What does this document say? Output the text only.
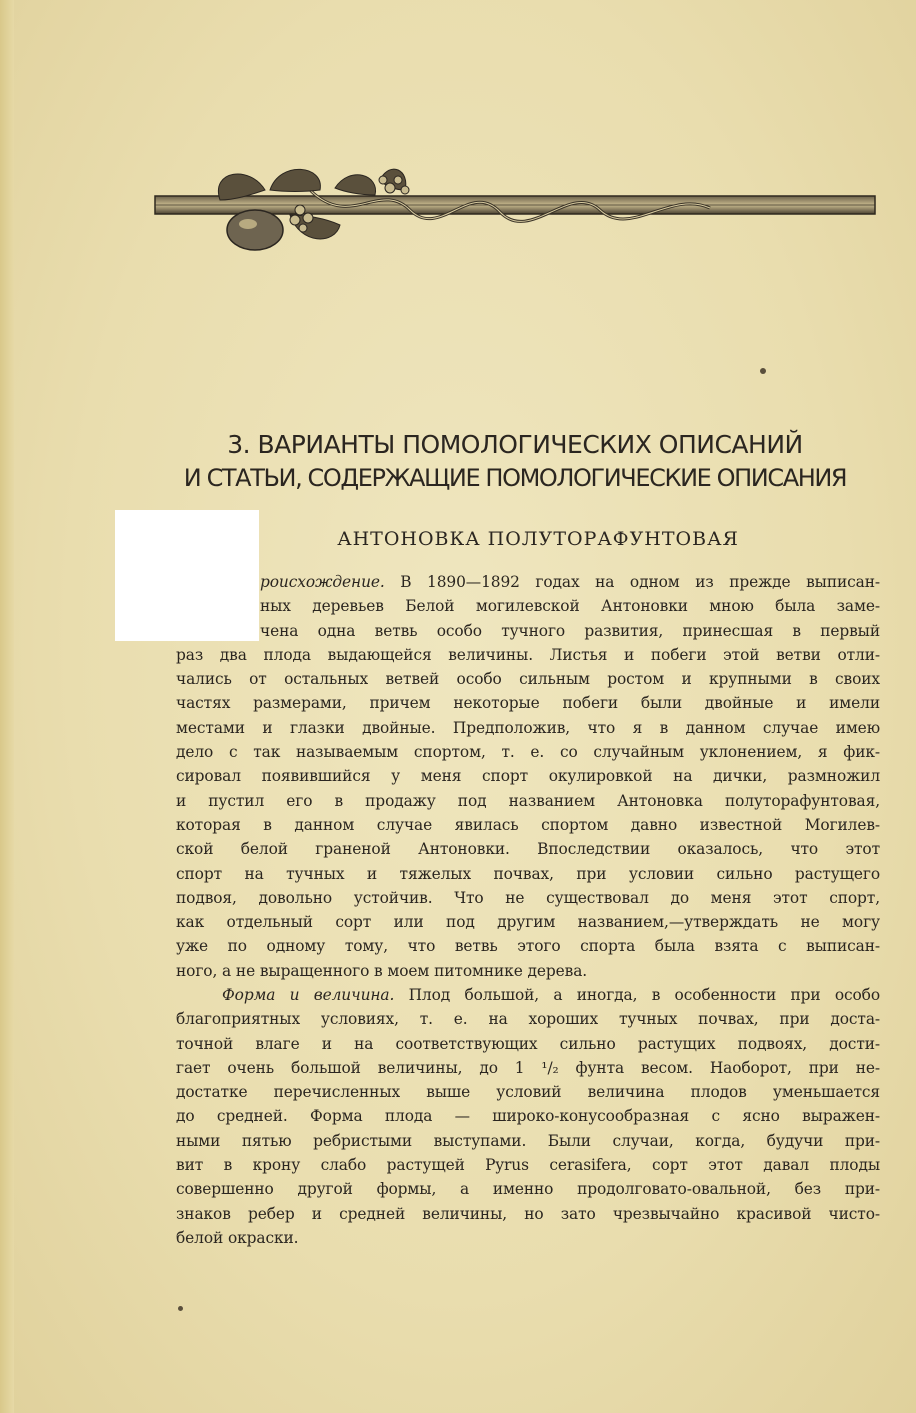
3. ВАРИАНТЫ ПОМОЛОГИЧЕСКИХ ОПИСАНИЙ
И СТАТЬИ, СОДЕРЖАЩИЕ ПОМОЛОГИЧЕСКИЕ ОПИСАНИЯ
АНТОНОВКА ПОЛУТОРАФУНТОВАЯ
роисхождение. В 1890—1892 годах на одном из прежде выписан-
ных деревьев Белой могилевской Антоновки мною была заме-
чена одна ветвь особо тучного развития, принесшая в первый
раз два плода выдающейся величины. Листья и побеги этой ветви отли-
чались от остальных ветвей особо сильным ростом и крупными в своих
частях размерами, причем некоторые побеги были двойные и имели
местами и глазки двойные. Предположив, что я в данном случае имею
дело с так называемым спортом, т. е. со случайным уклонением, я фик-
сировал появившийся у меня спорт окулировкой на дички, размножил
и пустил его в продажу под названием Антоновка полуторафунтовая,
которая в данном случае явилась спортом давно известной Могилев-
ской белой граненой Антоновки. Впоследствии оказалось, что этот
спорт на тучных и тяжелых почвах, при условии сильно растущего
подвоя, довольно устойчив. Что не существовал до меня этот спорт,
как отдельный сорт или под другим названием,—утверждать не могу
уже по одному тому, что ветвь этого спорта была взята с выписан-
ного, а не выращенного в моем питомнике дерева.
Форма и величина. Плод большой, а иногда, в особенности при особо
благоприятных условиях, т. е. на хороших тучных почвах, при доста-
точной влаге и на соответствующих сильно растущих подвоях, дости-
гает очень большой величины, до 1 ¹/₂ фунта весом. Наоборот, при не-
достатке перечисленных выше условий величина плодов уменьшается
до средней. Форма плода — широко-конусообразная с ясно выражен-
ными пятью ребристыми выступами. Были случаи, когда, будучи при-
вит в крону слабо растущей Pyrus cerasifera, сорт этот давал плоды
совершенно другой формы, а именно продолговато-овальной, без при-
знаков ребер и средней величины, но зато чрезвычайно красивой чисто-
белой окраски.
